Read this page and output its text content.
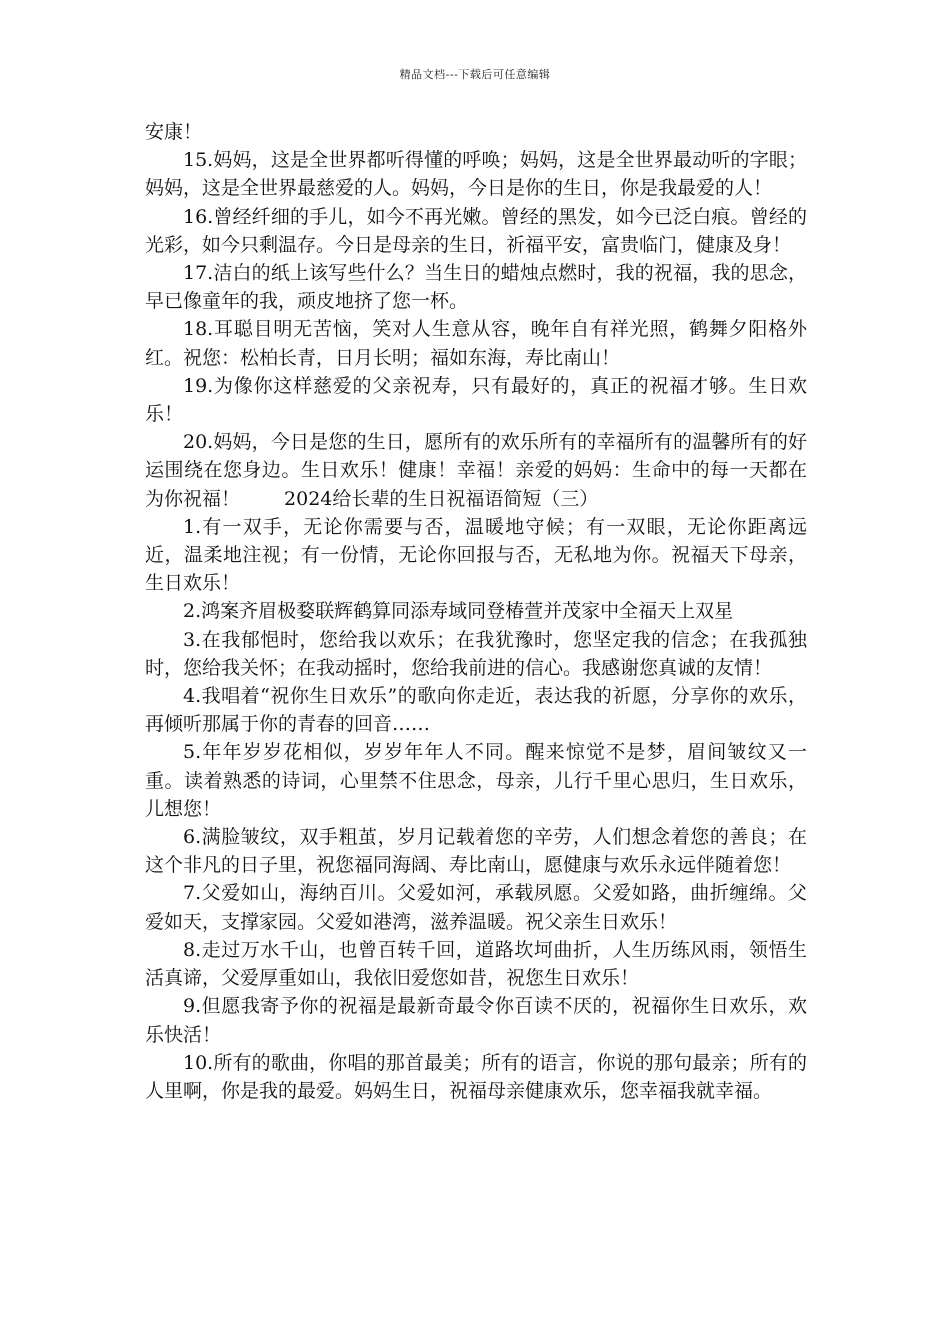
精品文档---下载后可任意编辑

安康！

15.妈妈，这是全世界都听得懂的呼唤；妈妈，这是全世界最动听的字眼；妈妈，这是全世界最慈爱的人。妈妈，今日是你的生日，你是我最爱的人！

16.曾经纤细的手儿，如今不再光嫩。曾经的黑发，如今已泛白痕。曾经的光彩，如今只剩温存。今日是母亲的生日，祈福平安，富贵临门，健康及身！

17.洁白的纸上该写些什么？当生日的蜡烛点燃时，我的祝福，我的思念，早已像童年的我，顽皮地挤了您一杯。

18.耳聪目明无苦恼，笑对人生意从容，晚年自有祥光照，鹤舞夕阳格外红。祝您：松柏长青，日月长明；福如东海，寿比南山！

19.为像你这样慈爱的父亲祝寿，只有最好的，真正的祝福才够。生日欢乐！

20.妈妈，今日是您的生日，愿所有的欢乐所有的幸福所有的温馨所有的好运围绕在您身边。生日欢乐！健康！幸福！亲爱的妈妈：生命中的每一天都在为你祝福！　　 2024给长辈的生日祝福语简短（三）

1.有一双手，无论你需要与否，温暖地守候；有一双眼，无论你距离远近，温柔地注视；有一份情，无论你回报与否，无私地为你。祝福天下母亲，生日欢乐！

2.鸿案齐眉极婺联辉鹤算同添寿域同登椿萱并茂家中全福天上双星

3.在我郁悒时，您给我以欢乐；在我犹豫时，您坚定我的信念；在我孤独时，您给我关怀；在我动摇时，您给我前进的信心。我感谢您真诚的友情！

4.我唱着“祝你生日欢乐”的歌向你走近，表达我的祈愿，分享你的欢乐，再倾听那属于你的青春的回音……

5.年年岁岁花相似，岁岁年年人不同。醒来惊觉不是梦，眉间皱纹又一重。读着熟悉的诗词，心里禁不住思念，母亲，儿行千里心思归，生日欢乐，儿想您！

6.满脸皱纹，双手粗茧，岁月记载着您的辛劳，人们想念着您的善良；在这个非凡的日子里，祝您福同海阔、寿比南山，愿健康与欢乐永远伴随着您！

7.父爱如山，海纳百川。父爱如河，承载夙愿。父爱如路，曲折缠绵。父爱如天，支撑家园。父爱如港湾，滋养温暖。祝父亲生日欢乐！

8.走过万水千山，也曾百转千回，道路坎坷曲折，人生历练风雨，领悟生活真谛，父爱厚重如山，我依旧爱您如昔，祝您生日欢乐！

9.但愿我寄予你的祝福是最新奇最令你百读不厌的，祝福你生日欢乐，欢乐快活！

10.所有的歌曲，你唱的那首最美；所有的语言，你说的那句最亲；所有的人里啊，你是我的最爱。妈妈生日，祝福母亲健康欢乐，您幸福我就幸福。
